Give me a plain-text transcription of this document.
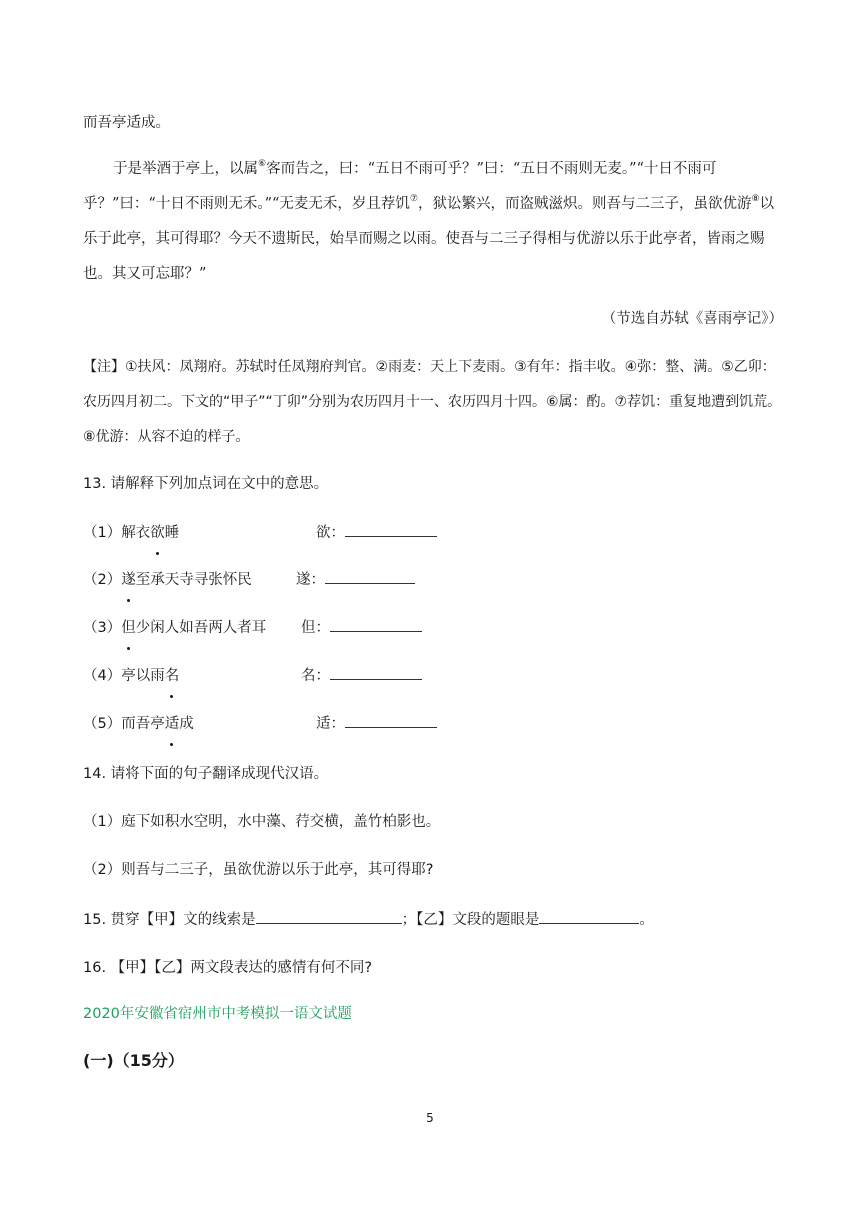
而吾亭适成。

于是举酒于亭上，以属⑥客而告之，曰：“五日不雨可乎？”曰：“五日不雨则无麦。”“十日不雨可乎？”曰：“十日不雨则无禾。”“无麦无禾，岁且荐饥⑦，狱讼繁兴，而盗贼滋炽。则吾与二三子，虽欲优游⑧以乐于此亭，其可得耶？今天不遗斯民，始旱而赐之以雨。使吾与二三子得相与优游以乐于此亭者，皆雨之赐也。其又可忘耶？”

（节选自苏轼《喜雨亭记》）

【注】①扶风：凤翔府。苏轼时任凤翔府判官。②雨麦：天上下麦雨。③有年：指丰收。④弥：整、满。⑤乙卯：农历四月初二。下文的“甲子”“丁卯”分别为农历四月十一、农历四月十四。⑥属：酌。⑦荐饥：重复地遭到饥荒。⑧优游：从容不迫的样子。

13. 请解释下列加点词在文中的意思。

（1）解衣欲睡	欲：
（2）遂至承天寺寻张怀民	遂：
（3）但少闲人如吾两人者耳 但：
（4）亭以雨名	名：
（5）而吾亭适成	适：

14. 请将下面的句子翻译成现代汉语。

（1）庭下如积水空明，水中藻、荇交横，盖竹柏影也。

（2）则吾与二三子，虽欲优游以乐于此亭，其可得耶?

15. 贯穿【甲】文的线索是	；【乙】文段的题眼是	。

16. 【甲】【乙】两文段表达的感情有何不同?

2020年安徽省宿州市中考模拟一语文试题

(一)（15分）

5
